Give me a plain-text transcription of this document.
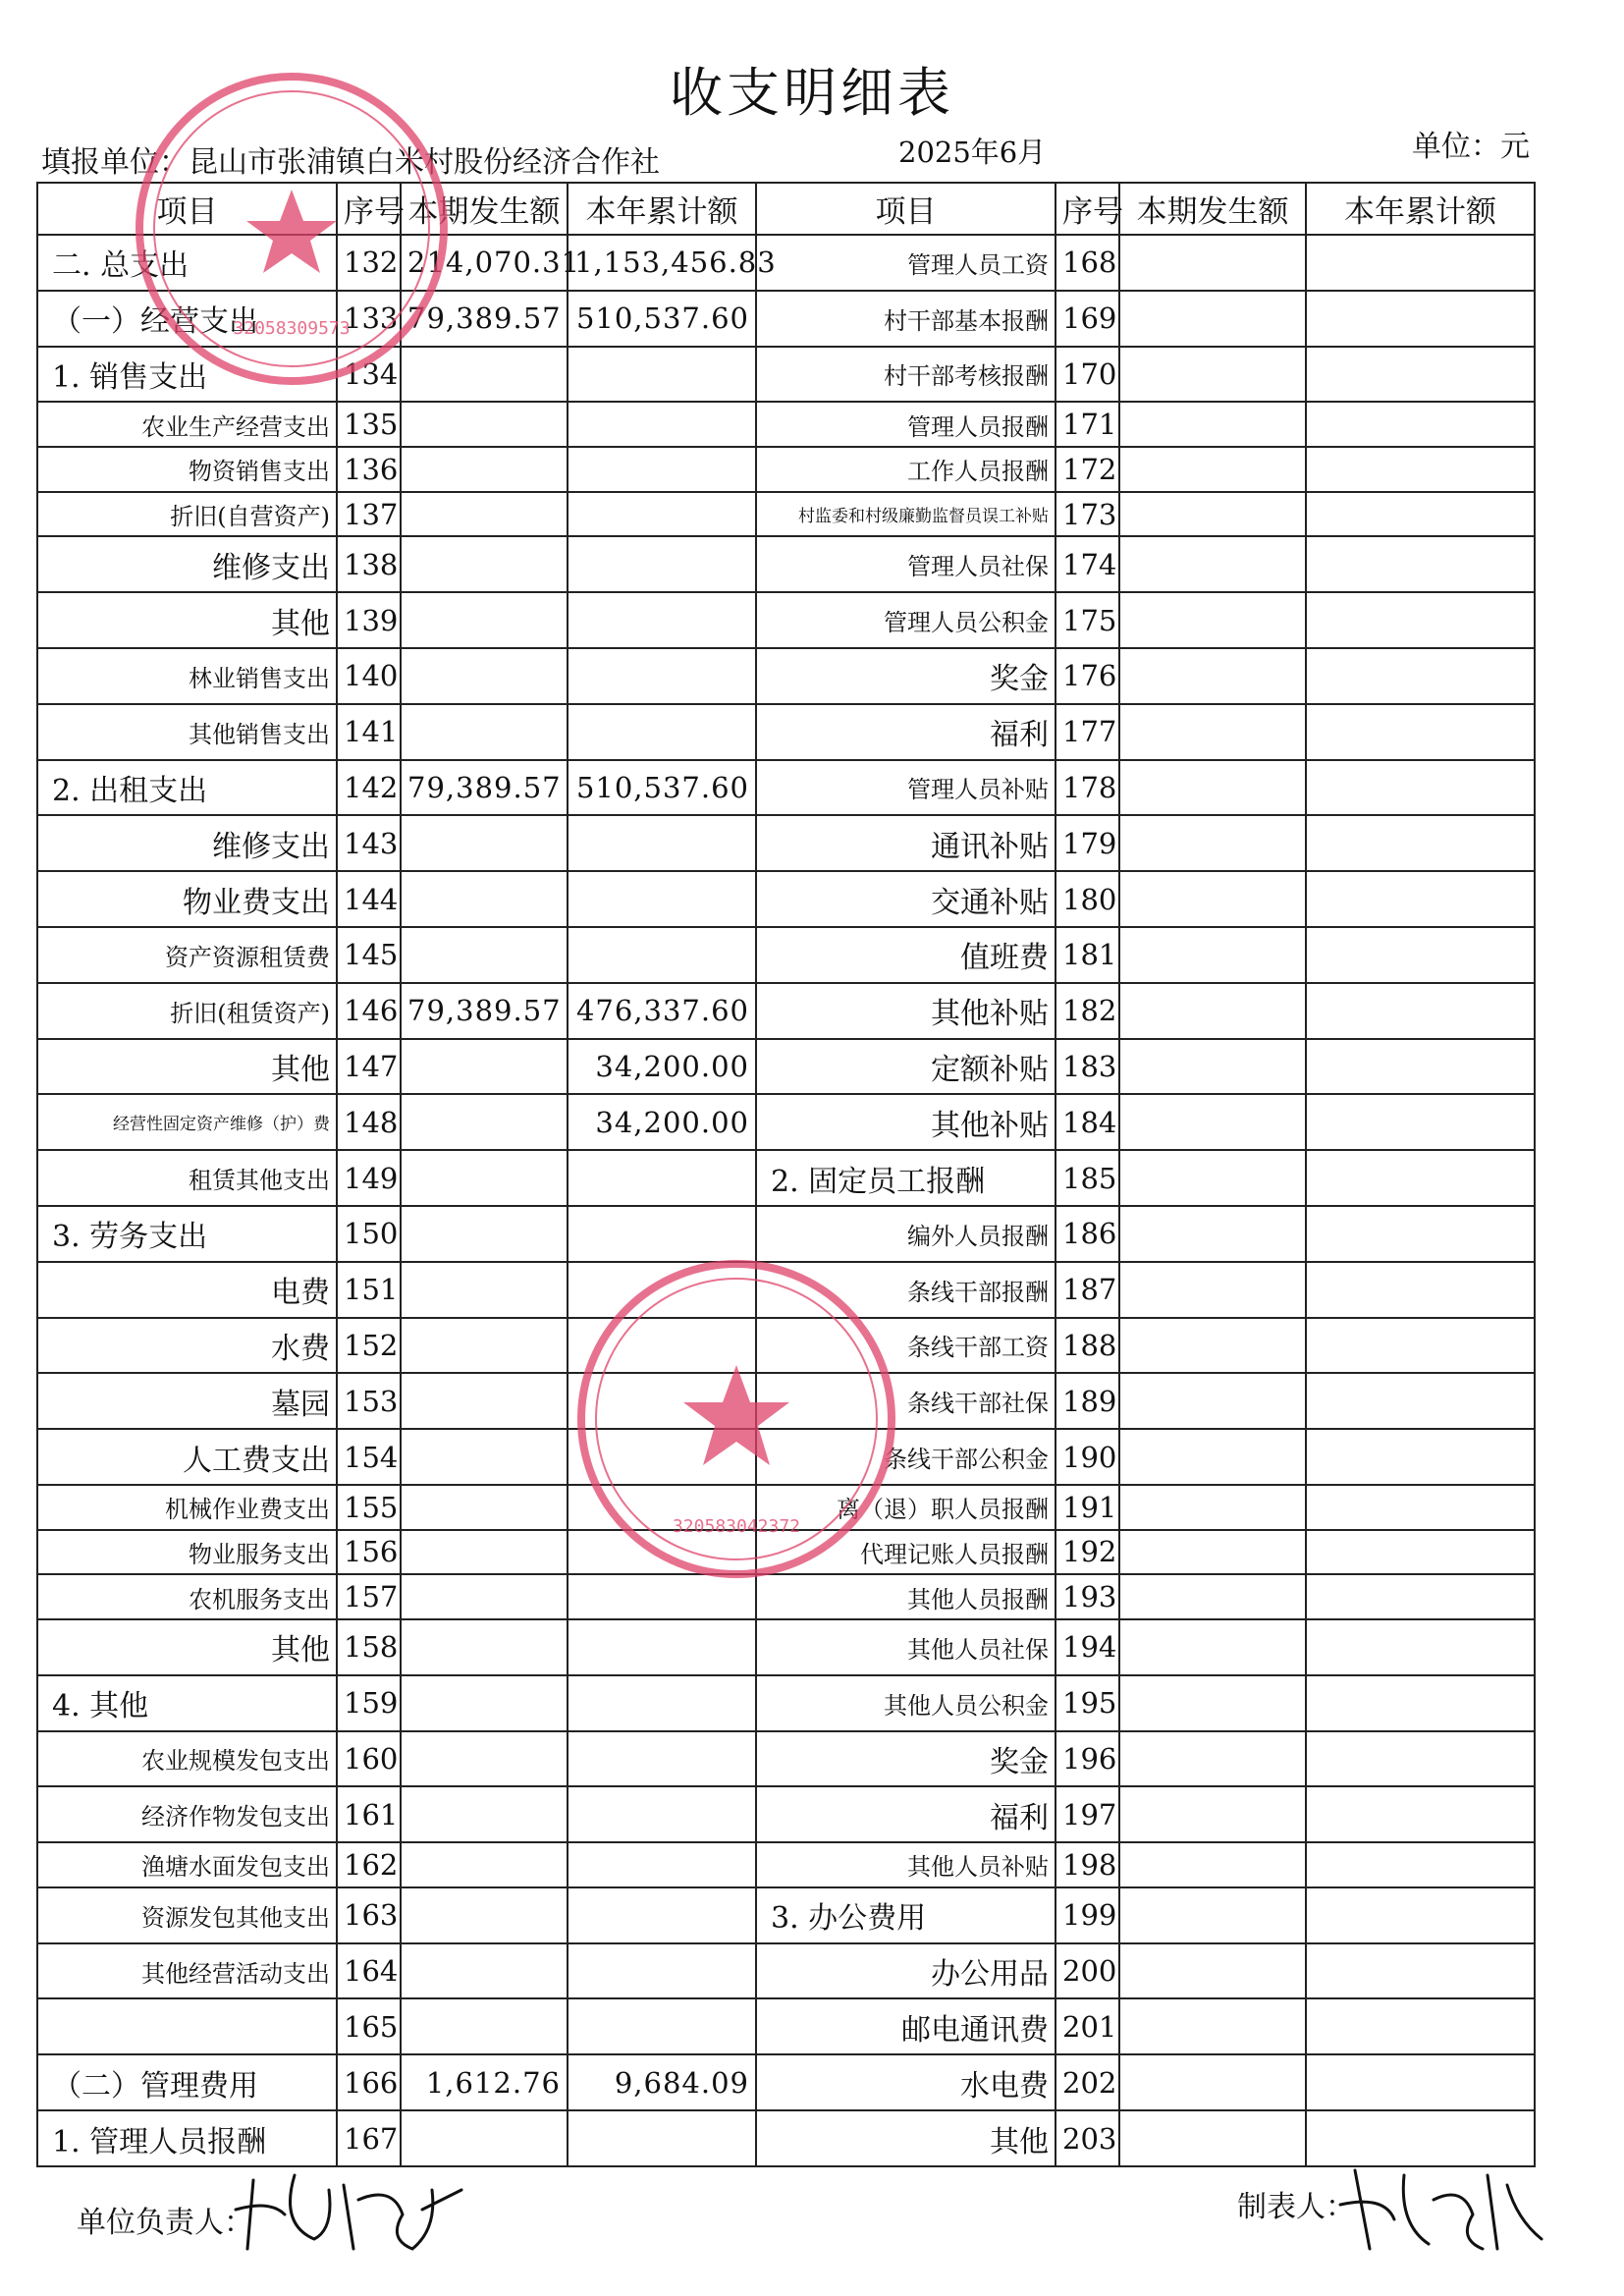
收支明细表
填报单位：昆山市张浦镇白米村股份经济合作社	2025年6月	单位：元
项目	序号	本期发生额	本年累计额	项目	序号	本期发生额	本年累计额
二. 总支出	132	214,070.31	1,153,456.83	管理人员工资	168		
（一）经营支出	133	79,389.57	510,537.60	村干部基本报酬	169		
1. 销售支出	134			村干部考核报酬	170		
农业生产经营支出	135			管理人员报酬	171		
物资销售支出	136			工作人员报酬	172		
折旧(自营资产)	137			村监委和村级廉勤监督员误工补贴	173		
维修支出	138			管理人员社保	174		
其他	139			管理人员公积金	175		
林业销售支出	140			奖金	176		
其他销售支出	141			福利	177		
2. 出租支出	142	79,389.57	510,537.60	管理人员补贴	178		
维修支出	143			通讯补贴	179		
物业费支出	144			交通补贴	180		
资产资源租赁费	145			值班费	181		
折旧(租赁资产)	146	79,389.57	476,337.60	其他补贴	182		
其他	147		34,200.00	定额补贴	183		
经营性固定资产维修（护）费	148		34,200.00	其他补贴	184		
租赁其他支出	149			2. 固定员工报酬	185		
3. 劳务支出	150			编外人员报酬	186		
电费	151			条线干部报酬	187		
水费	152			条线干部工资	188		
墓园	153			条线干部社保	189		
人工费支出	154			条线干部公积金	190		
机械作业费支出	155			离（退）职人员报酬	191		
物业服务支出	156			代理记账人员报酬	192		
农机服务支出	157			其他人员报酬	193		
其他	158			其他人员社保	194		
4. 其他	159			其他人员公积金	195		
农业规模发包支出	160			奖金	196		
经济作物发包支出	161			福利	197		
渔塘水面发包支出	162			其他人员补贴	198		
资源发包其他支出	163			3. 办公费用	199		
其他经营活动支出	164			办公用品	200		
	165			邮电通讯费	201		
（二）管理费用	166	1,612.76	9,684.09	水电费	202		
1. 管理人员报酬	167			其他	203		
单位负责人：	制表人：
32058309573
320583042372
